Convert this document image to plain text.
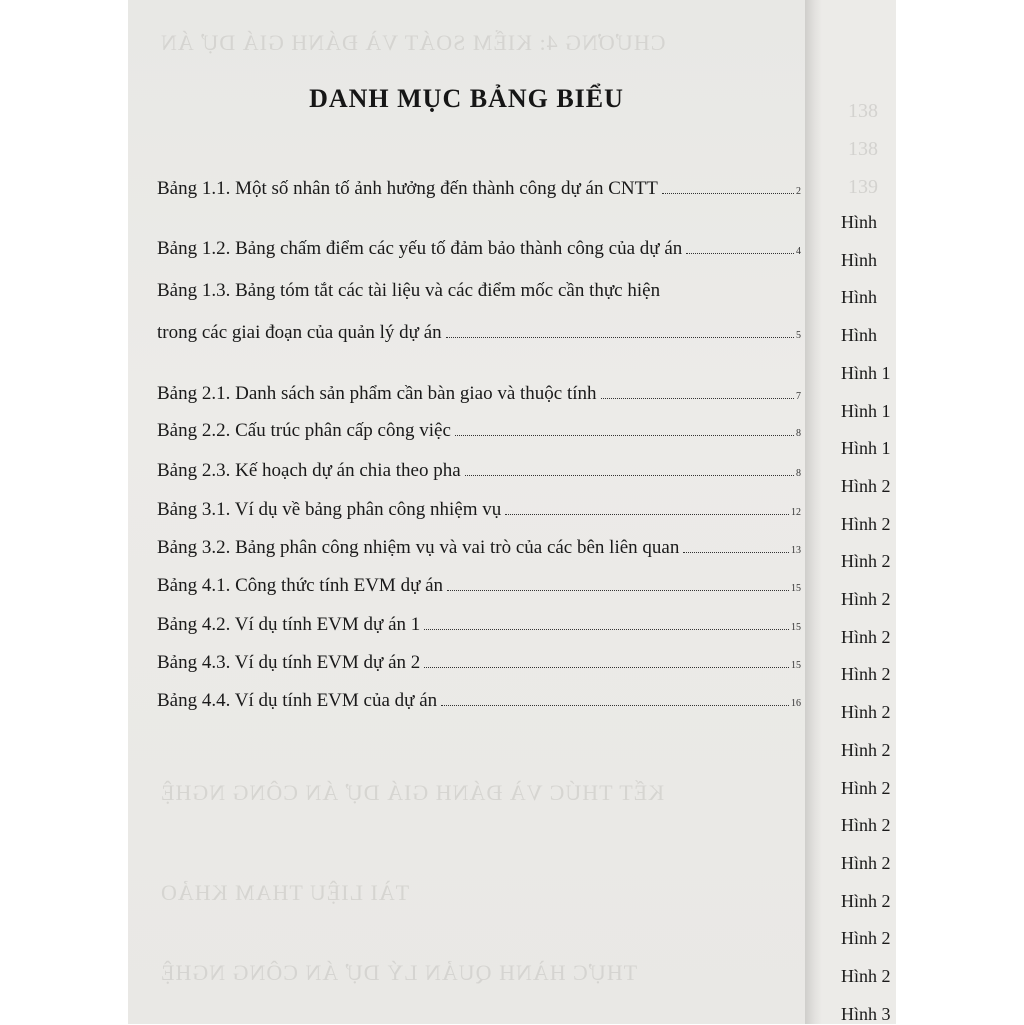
CHƯƠNG 4: KIỂM SOÁT VÀ ĐÁNH GIÁ DỰ ÁN
KẾT THÚC VÀ ĐÁNH GIÁ DỰ ÁN CÔNG NGHỆ
TÀI LIỆU THAM KHẢO
THỰC HÀNH QUẢN LÝ DỰ ÁN CÔNG NGHỆ
DANH MỤC BẢNG BIỂU
Bảng 1.1. Một số nhân tố ảnh hưởng đến thành công dự án CNTT	2
Bảng 1.2. Bảng chấm điểm các yếu tố đảm bảo thành công của dự án	4
Bảng 1.3. Bảng tóm tắt các tài liệu và các điểm mốc cần thực hiện
trong các giai đoạn của quản lý dự án	5
Bảng 2.1. Danh sách sản phẩm cần bàn giao và thuộc tính	7
Bảng 2.2. Cấu trúc phân cấp công việc	8
Bảng 2.3. Kế hoạch dự án chia theo pha	8
Bảng 3.1. Ví dụ về bảng phân công nhiệm vụ	12
Bảng 3.2. Bảng phân công nhiệm vụ và vai trò của các bên liên quan	13
Bảng 4.1. Công thức tính EVM dự án	15
Bảng 4.2. Ví dụ tính EVM dự án 1	15
Bảng 4.3. Ví dụ tính EVM dự án 2	15
Bảng 4.4. Ví dụ tính EVM của dự án	16
Hình
Hình
Hình
Hình
Hình 1
Hình 1
Hình 1
Hình 2
Hình 2
Hình 2
Hình 2
Hình 2
Hình 2
Hình 2
Hình 2
Hình 2
Hình 2
Hình 2
Hình 2
Hình 2
Hình 2
Hình 3
138
138
139
